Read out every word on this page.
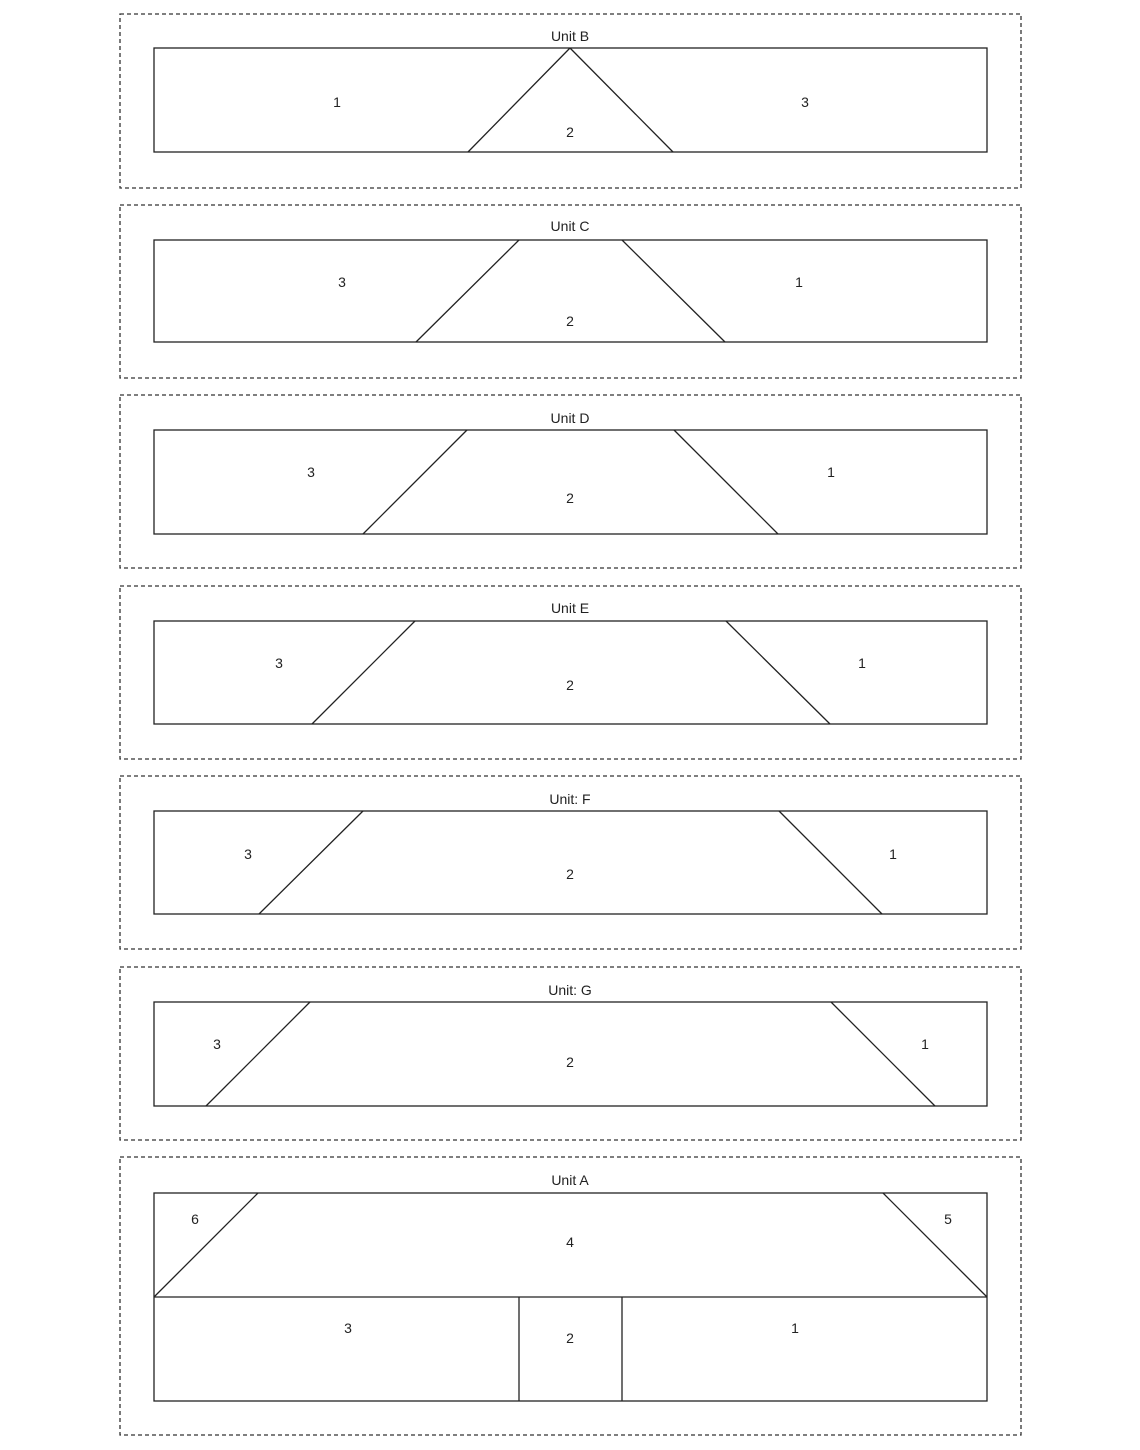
Unit B
1
2
3
Unit C
3
2
1
Unit D
3
2
1
Unit E
3
2
1
Unit: F
3
2
1
Unit: G
3
2
1
Unit A
6
4
5
3
2
1
